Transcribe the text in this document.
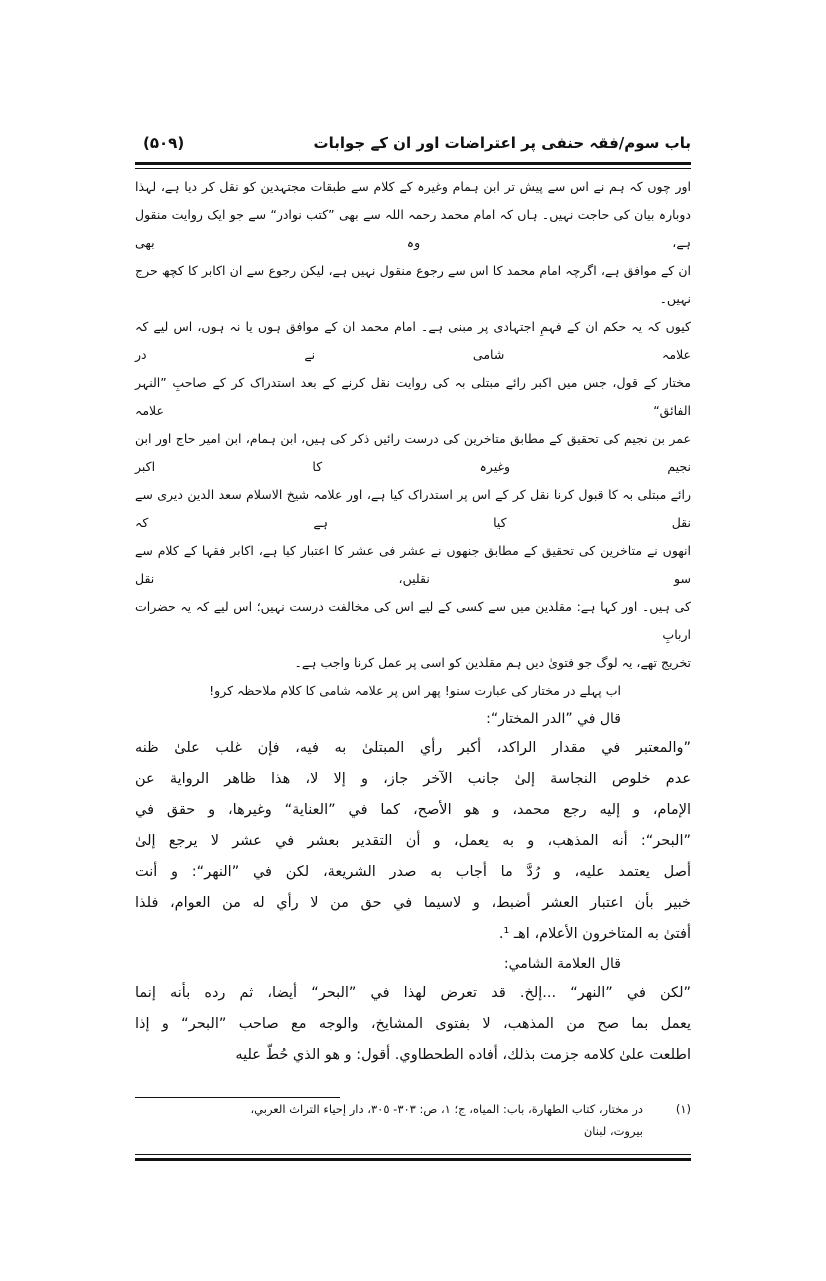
باب سوم/فقہ حنفی پر اعتراضات اور ان کے جوابات
(۵۰۹)
اور چوں کہ ہم نے اس سے پیش تر ابن ہمام وغیرہ کے کلام سے طبقات مجتہدین کو نقل کر دیا ہے، لہذا
دوبارہ بیان کی حاجت نہیں۔ ہاں کہ امام محمد رحمہ اللہ سے بھی ”کتب نوادر“ سے جو ایک روایت منقول ہے، وہ بھی
ان کے موافق ہے، اگرچہ امام محمد کا اس سے رجوع منقول نہیں ہے، لیکن رجوع سے ان اکابر کا کچھ حرج نہیں۔
کیوں کہ یہ حکم ان کے فہمِ اجتہادی پر مبنی ہے۔ امام محمد ان کے موافق ہوں یا نہ ہوں، اس لیے کہ علامہ شامی نے در
مختار کے قول، جس میں اکبر رائے مبتلی بہ کی روایت نقل کرنے کے بعد استدراک کر کے صاحبِ ”النہر الفائق“ علامہ
عمر بن نجیم کی تحقیق کے مطابق متاخرین کی درست رائیں ذکر کی ہیں، ابن ہمام، ابن امیر حاج اور ابن نجیم وغیرہ کا اکبر
رائے مبتلی بہ کا قبول کرنا نقل کر کے اس پر استدراک کیا ہے، اور علامہ شیخ الاسلام سعد الدین دیری سے نقل کیا ہے کہ
انھوں نے متاخرین کی تحقیق کے مطابق جنھوں نے عشر فی عشر کا اعتبار کیا ہے، اکابر فقہا کے کلام سے سو نقلیں، نقل
کی ہیں۔ اور کہا ہے: مقلدین میں سے کسی کے لیے اس کی مخالفت درست نہیں؛ اس لیے کہ یہ حضرات اربابِ
تخریج تھے، یہ لوگ جو فتویٰ دیں ہم مقلدین کو اسی پر عمل کرنا واجب ہے۔
اب پہلے در مختار کی عبارت سنو! پھر اس پر علامہ شامی کا کلام ملاحظہ کرو!
قال في ”الدر المختار“:
”والمعتبر في مقدار الراكد، أكبر رأي المبتلیٰ به فيه، فإن غلب علیٰ ظنه
عدم خلوص النجاسة إلیٰ جانب الآخر جاز، و إلا لا، هذا ظاهر الرواية عن
الإمام، و إليه رجع محمد، و هو الأصح، كما في ”العناية“ وغيرها، و حقق في
”البحر“: أنه المذهب، و به يعمل، و أن التقدير بعشر في عشر لا يرجع إلیٰ
أصل يعتمد عليه، و رُدَّ ما أجاب به صدر الشريعة، لكن في ”النهر“: و أنت
خبير بأن اعتبار العشر أضبط، و لاسيما في حق من لا رأي له من العوام، فلذا
أفتیٰ به المتاخرون الأعلام، اهـ ¹.
قال العلامة الشامي:
”لكن في ”النهر“ ...إلخ. قد تعرض لهذا في ”البحر“ أيضا، ثم رده بأنه إنما
يعمل بما صح من المذهب، لا بفتوى المشايخ، والوجه مع صاحب ”البحر“ و إذا
اطلعت علیٰ كلامه جزمت بذلك، أفاده الطحطاوي. أقول: و هو الذي حُطّ عليه
(١)
در مختار، كتاب الطهارة، باب: المياه، ج؛ ١، ص: ٣٠٣- ٣٠٥، دار إحياء التراث العربي،
بيروت، لبنان
